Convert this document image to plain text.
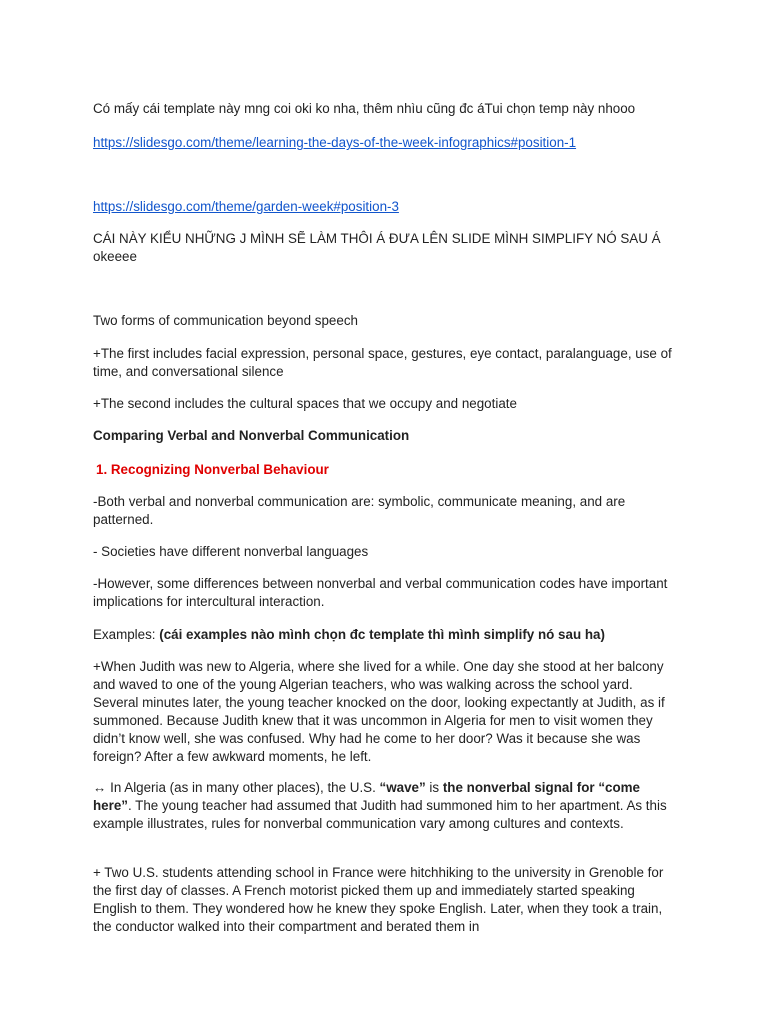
Có mấy cái template này mng coi oki ko nha, thêm nhìu cũng đc áTui chọn temp này nhooo

https://slidesgo.com/theme/learning-the-days-of-the-week-infographics#position-1

https://slidesgo.com/theme/garden-week#position-3

CÁI NÀY KIỂU NHỮNG J MÌNH SẼ LÀM THÔI Á ĐƯA LÊN SLIDE MÌNH SIMPLIFY NÓ SAU Á okeeee

Two forms of communication beyond speech

+The first includes facial expression, personal space, gestures, eye contact, paralanguage, use of time, and conversational silence

+The second includes the cultural spaces that we occupy and negotiate

Comparing Verbal and Nonverbal Communication

1. Recognizing Nonverbal Behaviour

-Both verbal and nonverbal communication are: symbolic, communicate meaning, and are patterned.

- Societies have different nonverbal languages

-However, some differences between nonverbal and verbal communication codes have important implications for intercultural interaction.

Examples: (cái examples nào mình chọn đc template thì mình simplify nó sau ha)

+When Judith was new to Algeria, where she lived for a while. One day she stood at her balcony and waved to one of the young Algerian teachers, who was walking across the school yard. Several minutes later, the young teacher knocked on the door, looking expectantly at Judith, as if summoned. Because Judith knew that it was uncommon in Algeria for men to visit women they didn’t know well, she was confused. Why had he come to her door? Was it because she was foreign? After a few awkward moments, he left.

↔ In Algeria (as in many other places), the U.S. “wave” is the nonverbal signal for “come here”. The young teacher had assumed that Judith had summoned him to her apartment. As this example illustrates, rules for nonverbal communication vary among cultures and contexts.

+ Two U.S. students attending school in France were hitchhiking to the university in Grenoble for the first day of classes. A French motorist picked them up and immediately started speaking English to them. They wondered how he knew they spoke English. Later, when they took a train, the conductor walked into their compartment and berated them in
